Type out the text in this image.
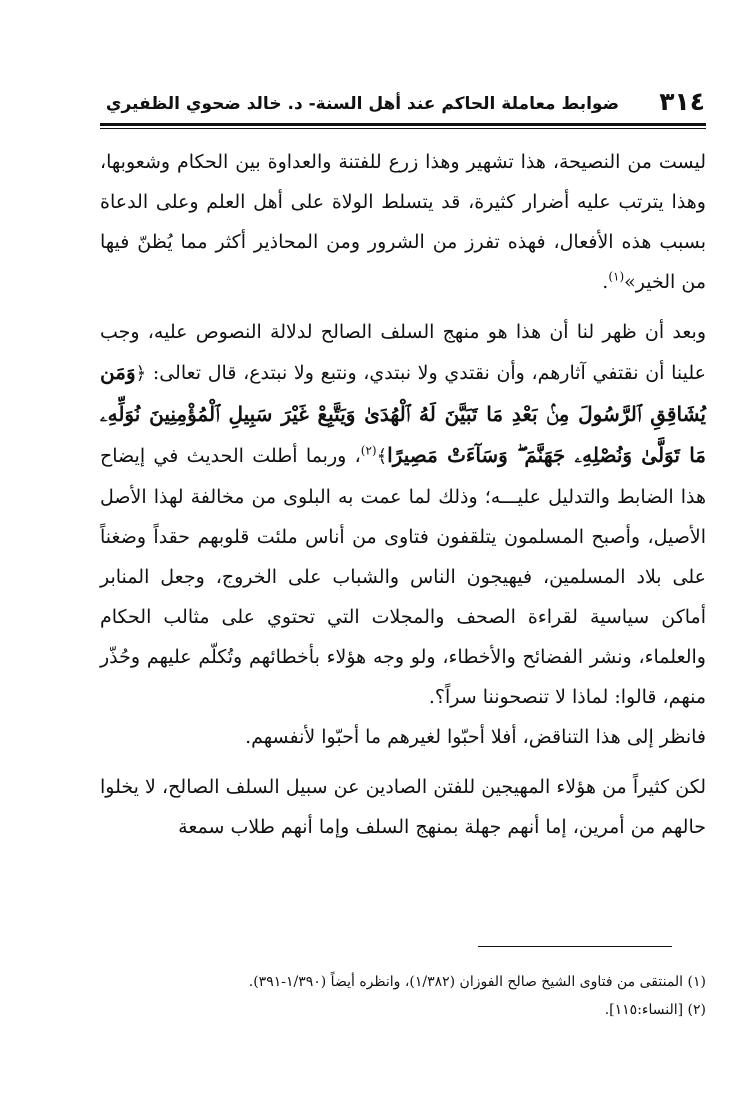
٣١٤
ضوابط معاملة الحاكم عند أهل السنة- د. خالد ضحوي الظفيري

ليست من النصيحة، هذا تشهير وهذا زرع للفتنة والعداوة بين الحكام وشعوبها، وهذا يترتب عليه أضرار كثيرة، قد يتسلط الولاة على أهل العلم وعلى الدعاة بسبب هذه الأفعال، فهذه تفرز من الشرور ومن المحاذير أكثر مما يُظنّ فيها من الخير»$^{(١)}$.

وبعد أن ظهر لنا أن هذا هو منهج السلف الصالح لدلالة النصوص عليه، وجب علينا أن نقتفي آثارهم، وأن نقتدي ولا نبتدي، ونتبع ولا نبتدع، قال تعالى: ﴿وَمَن يُشَاقِقِ ٱلرَّسُولَ مِنۢ بَعْدِ مَا تَبَيَّنَ لَهُ ٱلْهُدَىٰ وَيَتَّبِعْ غَيْرَ سَبِيلِ ٱلْمُؤْمِنِينَ نُوَلِّهِۦ مَا تَوَلَّىٰ وَنُصْلِهِۦ جَهَنَّمَ ۖ وَسَآءَتْ مَصِيرًا﴾$^{(٢)}$، وربما أطلت الحديث في إيضاح هذا الضابط والتدليل عليـــه؛ وذلك لما عمت به البلوى من مخالفة لهذا الأصل الأصيل، وأصبح المسلمون يتلقفون فتاوى من أناس ملئت قلوبهم حقداً وضغناً على بلاد المسلمين، فيهيجون الناس والشباب على الخروج، وجعل المنابر أماكن سياسية لقراءة الصحف والمجلات التي تحتوي على مثالب الحكام والعلماء، ونشر الفضائح والأخطاء، ولو وجه هؤلاء بأخطائهم وتُكلّم عليهم وحُذّر منهم، قالوا: لماذا لا تنصحوننا سراً؟.

فانظر إلى هذا التناقض، أفلا أحبّوا لغيرهم ما أحبّوا لأنفسهم.

لكن كثيراً من هؤلاء المهيجين للفتن الصادين عن سبيل السلف الصالح، لا يخلوا حالهم من أمرين، إما أنهم جهلة بمنهج السلف وإما أنهم طلاب سمعة

(١) المنتقى من فتاوى الشيخ صالح الفوزان (١/٣٨٢)، وانظره أيضاً (١/٣٩٠-٣٩١).

(٢) [النساء:١١٥].
